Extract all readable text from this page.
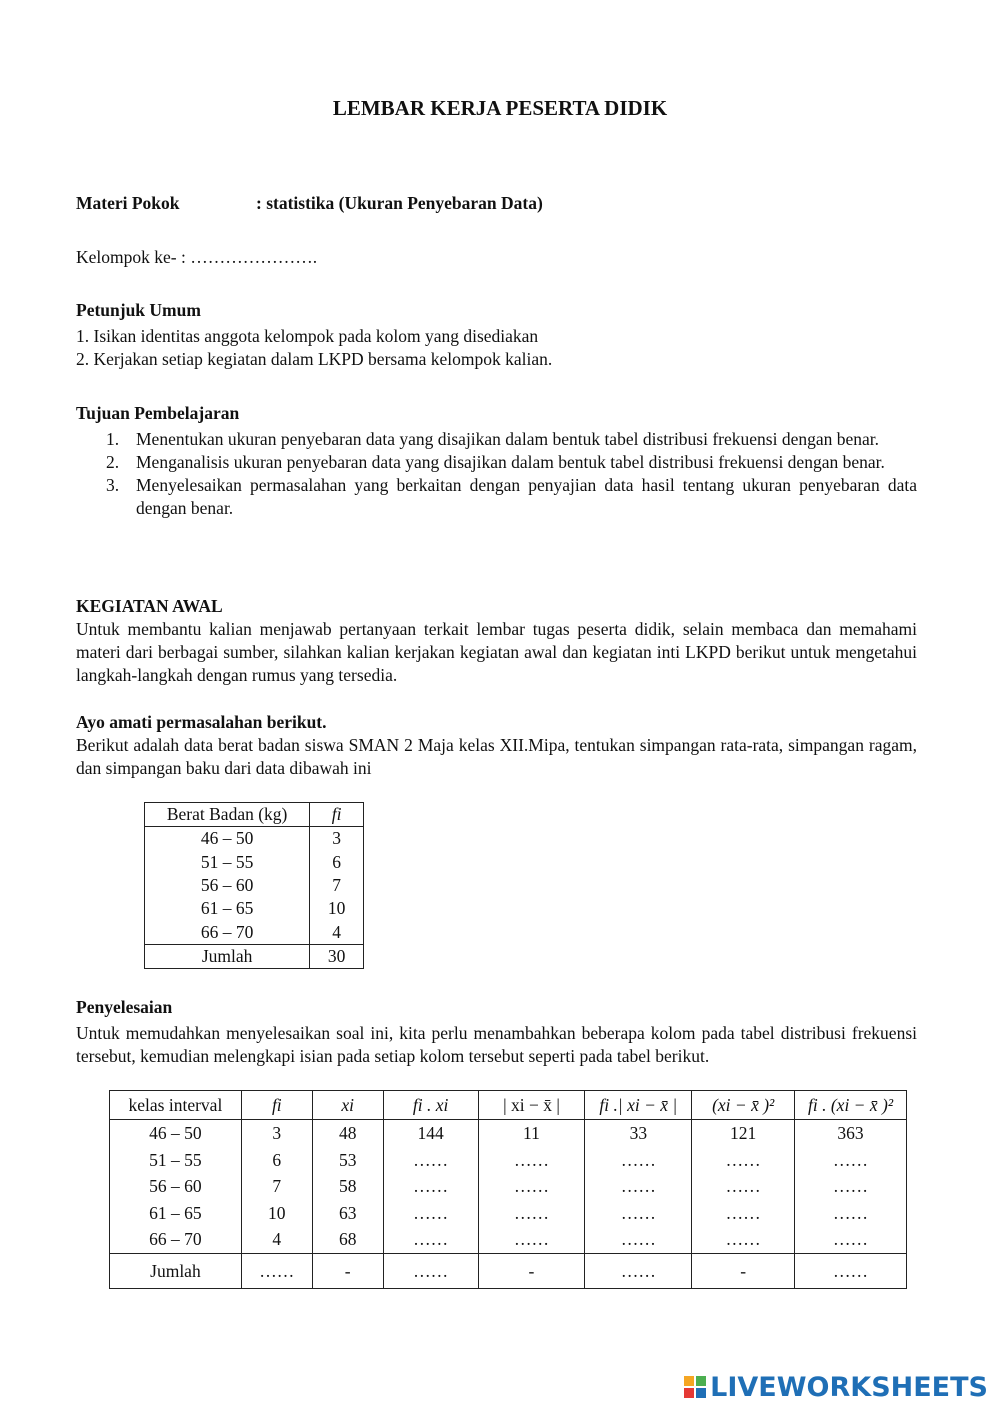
LEMBAR KERJA PESERTA DIDIK
Materi Pokok	: statistika (Ukuran Penyebaran Data)
Kelompok ke- : ………………….
Petunjuk Umum
1. Isikan identitas anggota kelompok pada kolom yang disediakan
2. Kerjakan setiap kegiatan dalam LKPD bersama kelompok kalian.
Tujuan Pembelajaran
1. Menentukan ukuran penyebaran data yang disajikan dalam bentuk tabel distribusi frekuensi dengan benar.
2. Menganalisis ukuran penyebaran data yang disajikan dalam bentuk tabel distribusi frekuensi dengan benar.
3. Menyelesaikan permasalahan yang berkaitan dengan penyajian data hasil tentang ukuran penyebaran data dengan benar.
KEGIATAN AWAL
Untuk membantu kalian menjawab pertanyaan terkait lembar tugas peserta didik, selain membaca dan memahami materi dari berbagai sumber, silahkan kalian kerjakan kegiatan awal dan kegiatan inti LKPD berikut untuk mengetahui langkah-langkah dengan rumus yang tersedia.
Ayo amati permasalahan berikut.
Berikut adalah data berat badan siswa SMAN 2 Maja kelas XII.Mipa, tentukan simpangan rata-rata, simpangan ragam, dan simpangan baku dari data dibawah ini
Berat Badan (kg)	fi
46 – 50	3
51 – 55	6
56 – 60	7
61 – 65	10
66 – 70	4
Jumlah	30
Penyelesaian
Untuk memudahkan menyelesaikan soal ini, kita perlu menambahkan beberapa kolom pada tabel distribusi frekuensi tersebut, kemudian melengkapi isian pada setiap kolom tersebut seperti pada tabel berikut.
kelas interval	fi	xi	fi . xi	| xi − x̄ |	fi .| xi − x̄ |	(xi − x̄ )²	fi . (xi − x̄ )²
46 – 50	3	48	144	11	33	121	363
51 – 55	6	53	……	……	……	……	……
56 – 60	7	58	……	……	……	……	……
61 – 65	10	63	……	……	……	……	……
66 – 70	4	68	……	……	……	……	……
Jumlah	……	-	……	-	……	-	……
LIVEWORKSHEETS
